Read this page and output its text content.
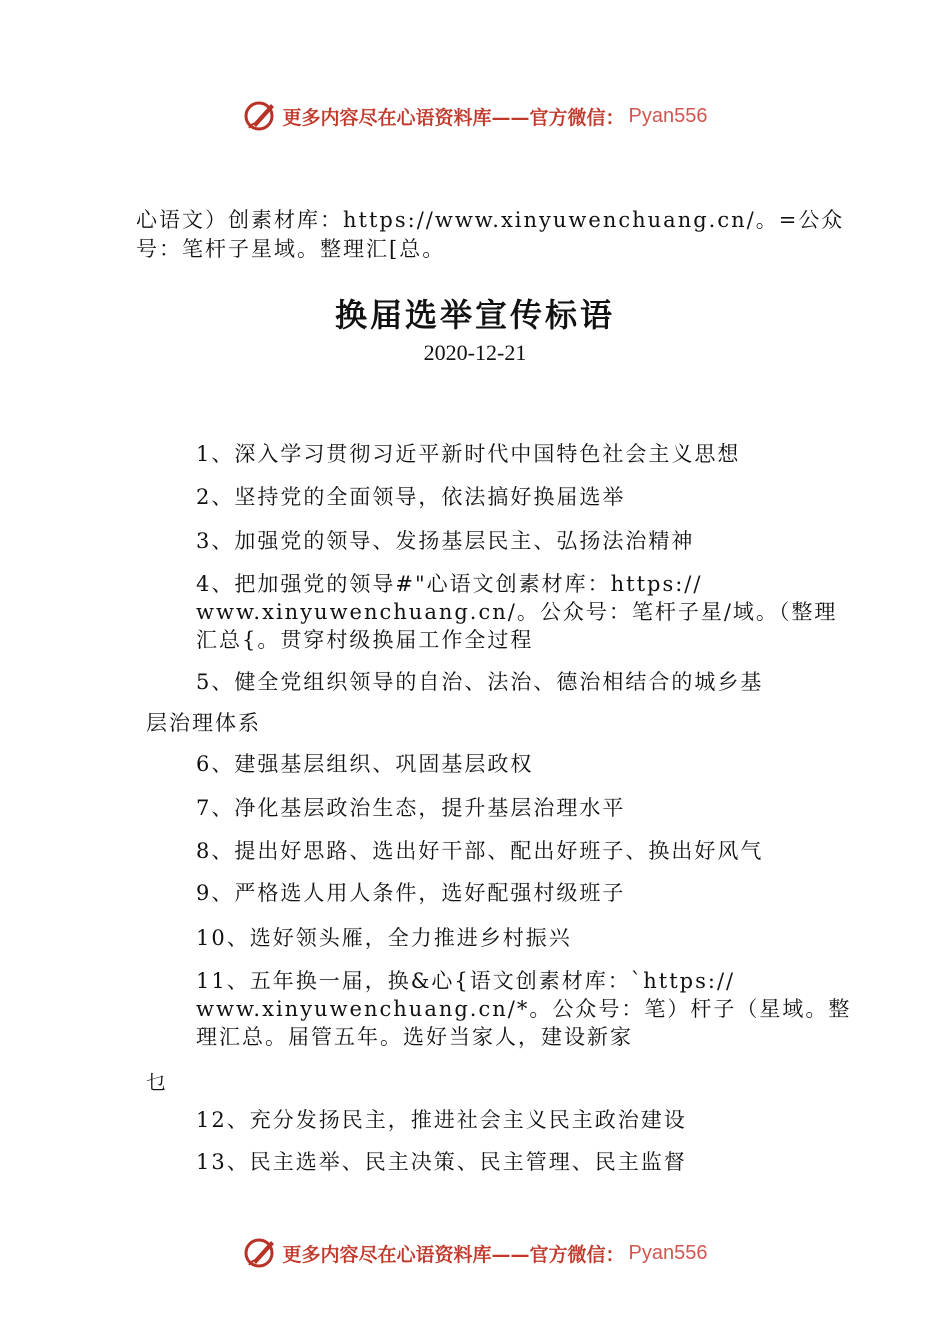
更多内容尽在心语资料库——官方微信： Pyan556
心语文）创素材库：https://www.xinyuwenchuang.cn/。=公众
号：笔杆子星域。整理汇[总。
换届选举宣传标语
2020-12-21
1、深入学习贯彻习近平新时代中国特色社会主义思想
2、坚持党的全面领导，依法搞好换届选举
3、加强党的领导、发扬基层民主、弘扬法治精神
4、把加强党的领导#"心语文创素材库：https://
www.xinyuwenchuang.cn/。公众号：笔杆子星/域。（整理
汇总{。贯穿村级换届工作全过程
5、健全党组织领导的自治、法治、德治相结合的城乡基
层治理体系
6、建强基层组织、巩固基层政权
7、净化基层政治生态，提升基层治理水平
8、提出好思路、选出好干部、配出好班子、换出好风气
9、严格选人用人条件，选好配强村级班子
10、选好领头雁，全力推进乡村振兴
11、五年换一届，换&心{语文创素材库：`https://
www.xinyuwenchuang.cn/*。公众号：笔）杆子（星域。整
理汇总。届管五年。选好当家人，建设新家
乜
12、充分发扬民主，推进社会主义民主政治建设
13、民主选举、民主决策、民主管理、民主监督
更多内容尽在心语资料库——官方微信： Pyan556
